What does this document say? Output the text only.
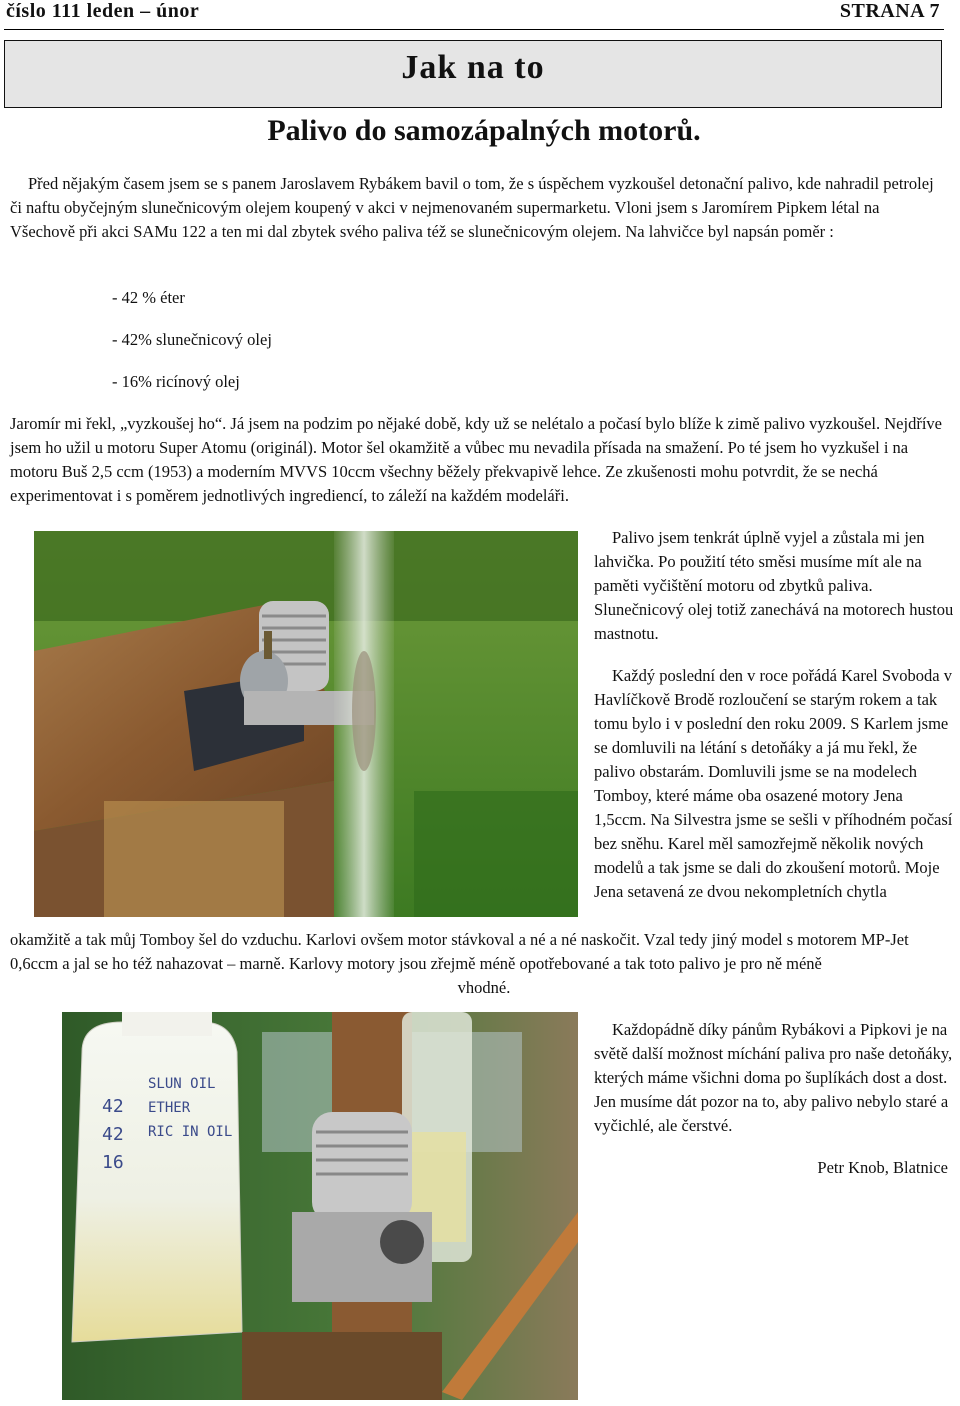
číslo 111 leden – únor	STRANA 7
Jak na to
Palivo do samozápalných motorů.

Před nějakým časem jsem se s panem Jaroslavem Rybákem bavil o tom, že s úspěchem vyzkoušel detonační palivo, kde nahradil petrolej či naftu obyčejným slunečnicovým olejem koupený v akci v nejmenovaném supermarketu. Vloni jsem s Jaromírem Pipkem létal na Všechově při akci SAMu 122 a ten mi dal zbytek svého paliva též se slunečnicovým olejem. Na lahvičce byl napsán poměr :

- 42 % éter

- 42% slunečnicový olej

- 16% ricínový olej

Jaromír mi řekl, „vyzkoušej ho“. Já jsem na podzim po nějaké době, kdy už se nelétalo a počasí bylo blíže k zimě palivo vyzkoušel. Nejdříve jsem ho užil u motoru Super Atomu (originál). Motor šel okamžitě a vůbec mu nevadila přísada na smažení. Po té jsem ho vyzkušel i na motoru Buš 2,5 ccm (1953) a moderním MVVS 10ccm všechny běžely překvapivě lehce. Ze zkušenosti mohu potvrdit, že se nechá experimentovat i s poměrem jednotlivých ingrediencí, to záleží na každém modeláři.

Palivo jsem tenkrát úplně vyjel a zůstala mi jen lahvička. Po použití této směsi musíme mít ale na paměti vyčištění motoru od zbytků paliva. Slunečnicový olej totiž zanechává na motorech hustou mastnotu.

Každý poslední den v roce pořádá Karel Svoboda v Havlíčkově Brodě rozloučení se starým rokem a tak tomu bylo i v poslední den roku 2009. S Karlem jsme se domluvili na létání s detoňáky a já mu řekl, že palivo obstarám. Domluvili jsme se na modelech Tomboy, které máme oba osazené motory Jena 1,5ccm. Na Silvestra jsme se sešli v příhodném počasí bez sněhu. Karel měl samozřejmě několik nových modelů a tak jsme se dali do zkoušení motorů. Moje Jena setavená ze dvou nekompletních chytla

okamžitě a tak můj Tomboy šel do vzduchu. Karlovi ovšem motor stávkoval a né a né naskočit. Vzal tedy jiný model s motorem MP-Jet 0,6ccm a jal se ho též nahazovat – marně. Karlovy motory jsou zřejmě méně opotřebované a tak toto palivo je pro ně méně

vhodné.

42
42
16
SLUN OIL
ETHER
RIC IN OIL

Každopádně díky pánům Rybákovi a Pipkovi je na světě další možnost míchání paliva pro naše detoňáky, kterých máme všichni doma po šuplíkách dost a dost. Jen musíme dát pozor na to, aby palivo nebylo staré a vyčichlé, ale čerstvé.

Petr Knob, Blatnice
